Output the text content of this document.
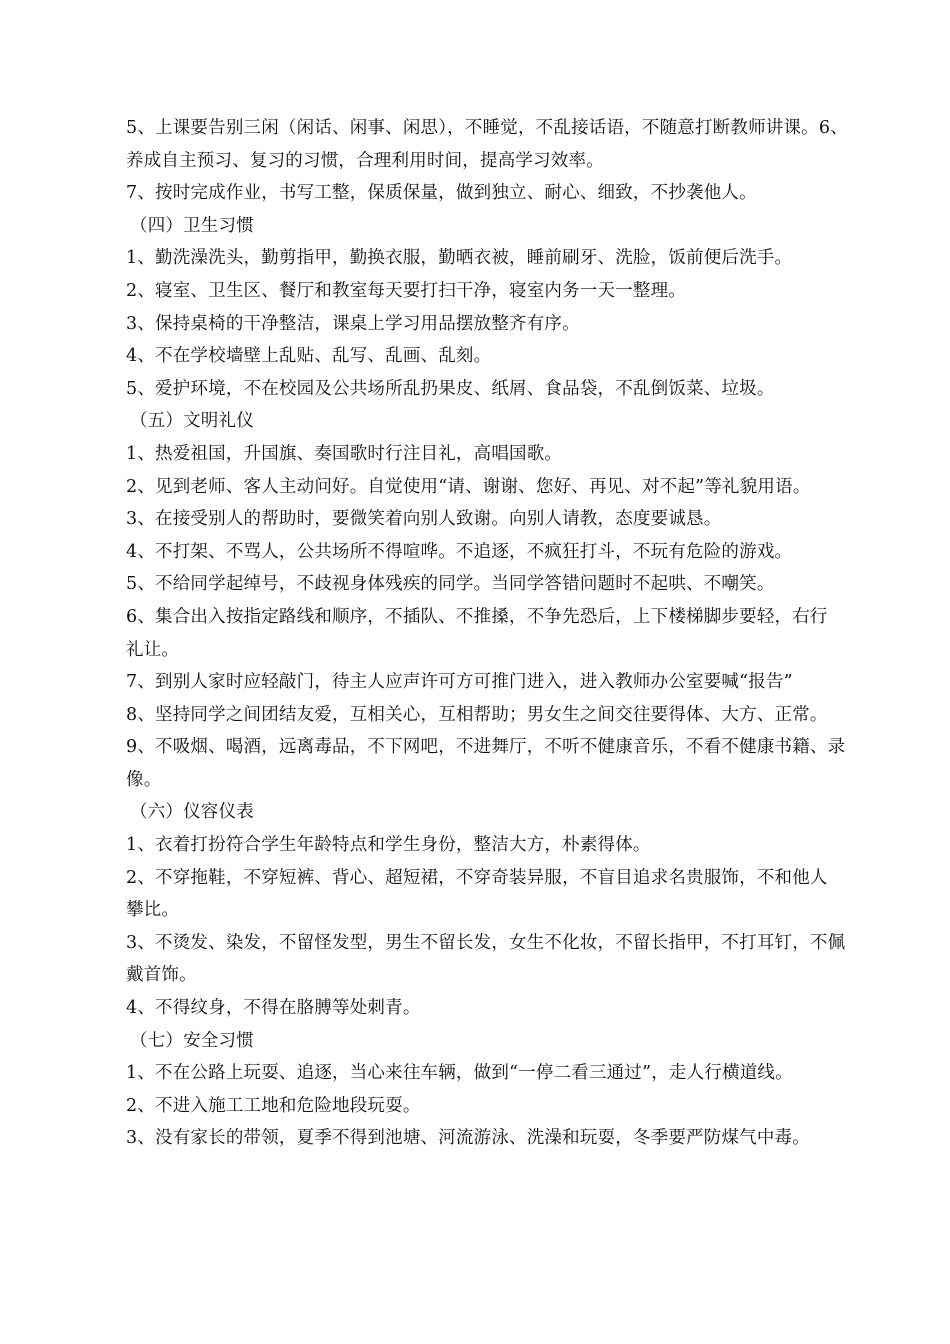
5、上课要告别三闲（闲话、闲事、闲思），不睡觉，不乱接话语，不随意打断教师讲课。6、
养成自主预习、复习的习惯，合理利用时间，提高学习效率。
7、按时完成作业，书写工整，保质保量，做到独立、耐心、细致，不抄袭他人。
（四）卫生习惯
1、勤洗澡洗头，勤剪指甲，勤换衣服，勤晒衣被，睡前刷牙、洗脸，饭前便后洗手。
2、寝室、卫生区、餐厅和教室每天要打扫干净，寝室内务一天一整理。
3、保持桌椅的干净整洁，课桌上学习用品摆放整齐有序。
4、不在学校墙壁上乱贴、乱写、乱画、乱刻。
5、爱护环境，不在校园及公共场所乱扔果皮、纸屑、食品袋，不乱倒饭菜、垃圾。
（五）文明礼仪
1、热爱祖国，升国旗、奏国歌时行注目礼，高唱国歌。
2、见到老师、客人主动问好。自觉使用“请、谢谢、您好、再见、对不起”等礼貌用语。
3、在接受别人的帮助时，要微笑着向别人致谢。向别人请教，态度要诚恳。
4、不打架、不骂人，公共场所不得喧哗。不追逐，不疯狂打斗，不玩有危险的游戏。
5、不给同学起绰号，不歧视身体残疾的同学。当同学答错问题时不起哄、不嘲笑。
6、集合出入按指定路线和顺序，不插队、不推搡，不争先恐后，上下楼梯脚步要轻，右行
礼让。
7、到别人家时应轻敲门，待主人应声许可方可推门进入，进入教师办公室要喊“报告”
8、坚持同学之间团结友爱，互相关心，互相帮助；男女生之间交往要得体、大方、正常。
9、不吸烟、喝酒，远离毒品，不下网吧，不进舞厅，不听不健康音乐，不看不健康书籍、录
像。
（六）仪容仪表
1、衣着打扮符合学生年龄特点和学生身份，整洁大方，朴素得体。
2、不穿拖鞋，不穿短裤、背心、超短裙，不穿奇装异服，不盲目追求名贵服饰，不和他人
攀比。
3、不烫发、染发，不留怪发型，男生不留长发，女生不化妆，不留长指甲，不打耳钉，不佩
戴首饰。
4、不得纹身，不得在胳膊等处刺青。
（七）安全习惯
1、不在公路上玩耍、追逐，当心来往车辆，做到“一停二看三通过”，走人行横道线。
2、不进入施工工地和危险地段玩耍。
3、没有家长的带领，夏季不得到池塘、河流游泳、洗澡和玩耍，冬季要严防煤气中毒。
